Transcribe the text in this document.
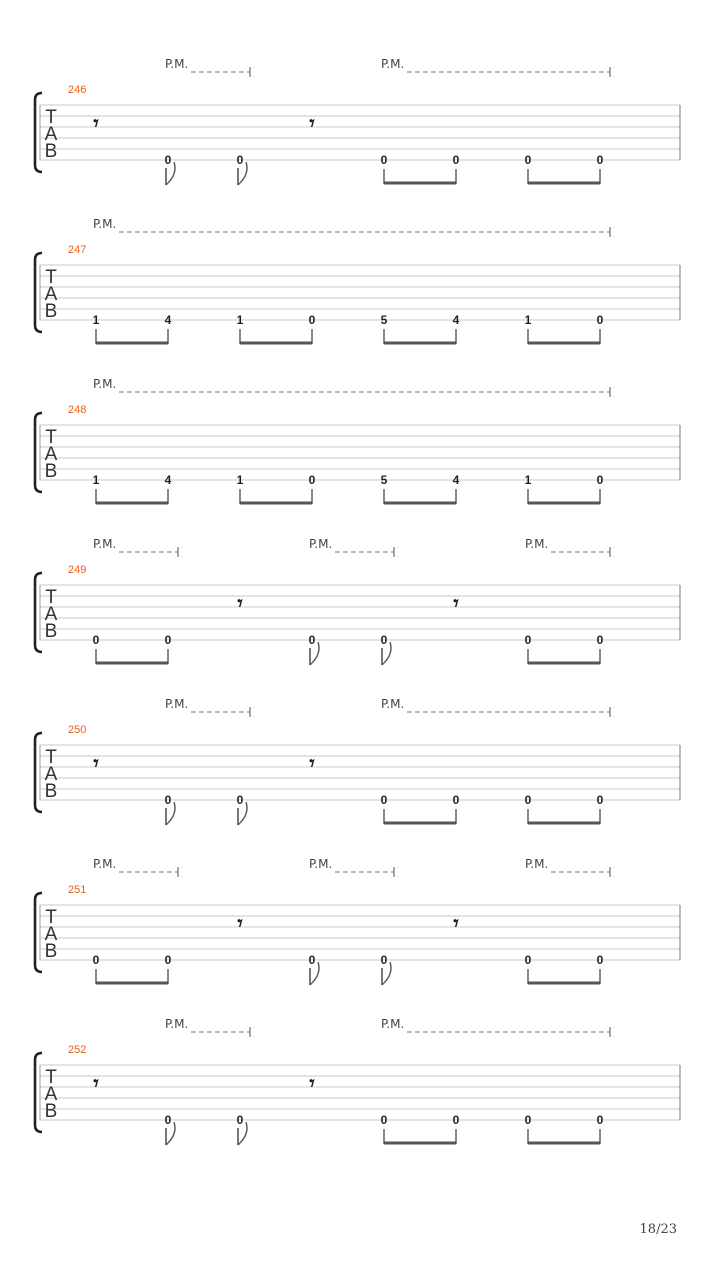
T
A
B
246
P.M.	P.M.
𝄾
0	0
𝄾
0	0	0	0
T
A
B
247
P.M.
1	4	1	0	5	4	1	0
T
A
B
248
P.M.
1	4	1	0	5	4	1	0
T
A
B
249
P.M.	P.M.	P.M.
0	0
𝄾
0	0
𝄾
0	0
T
A
B
250
P.M.	P.M.
𝄾
0	0
𝄾
0	0	0	0
T
A
B
251
P.M.	P.M.	P.M.
0	0
𝄾
0	0
𝄾
0	0
T
A
B
252
P.M.	P.M.
𝄾
0	0
𝄾
0	0	0	0
18/23
